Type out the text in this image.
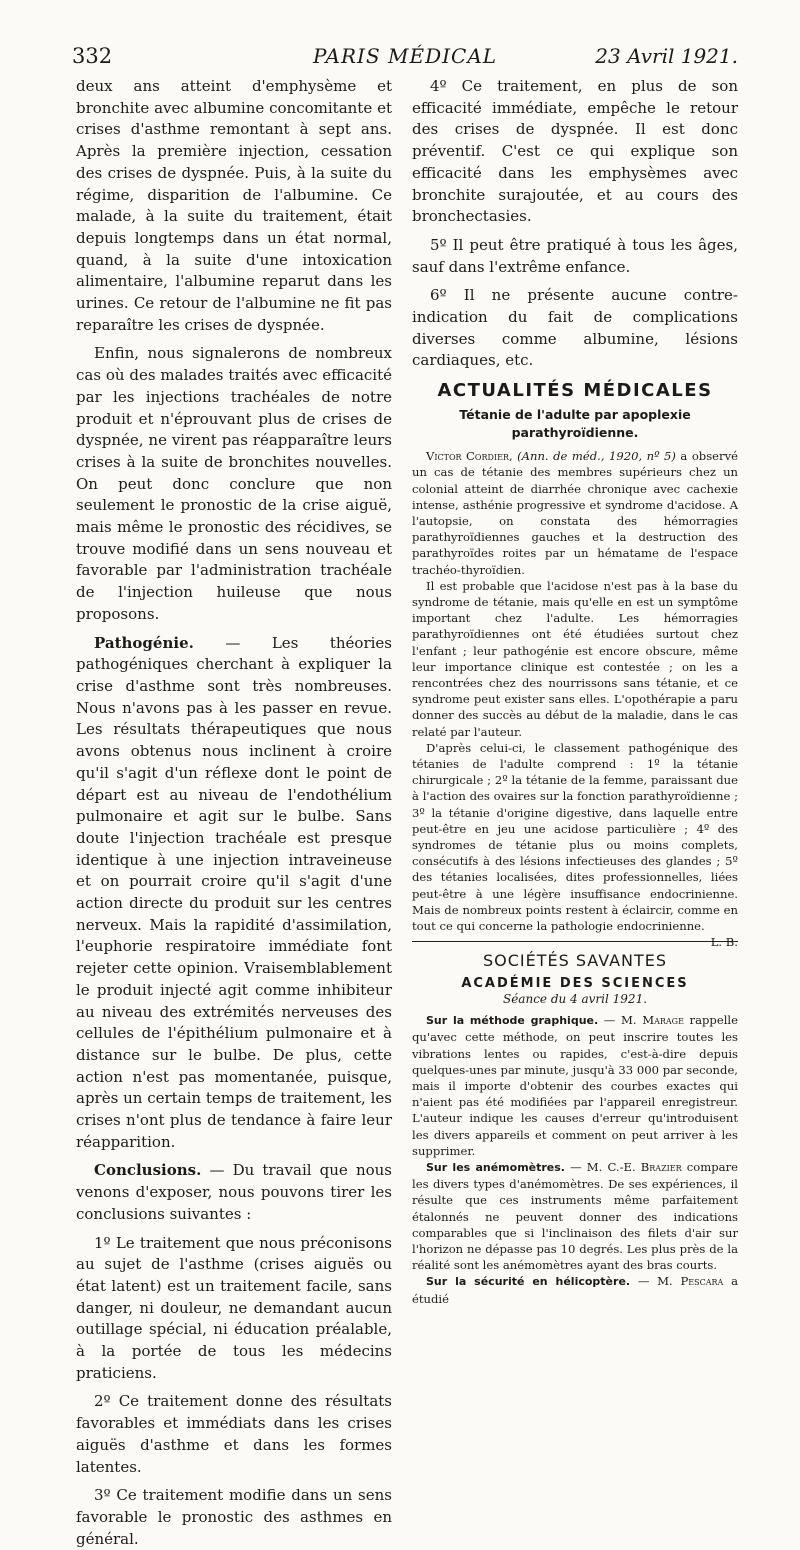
332	PARIS MÉDICAL	23 Avril 1921.

deux ans atteint d'emphysème et bronchite avec albumine concomitante et crises d'asthme remontant à sept ans. Après la première injection, cessation des crises de dyspnée. Puis, à la suite du régime, disparition de l'albumine. Ce malade, à la suite du traitement, était depuis longtemps dans un état normal, quand, à la suite d'une intoxication alimentaire, l'albumine reparut dans les urines. Ce retour de l'albumine ne fit pas reparaître les crises de dyspnée.

Enfin, nous signalerons de nombreux cas où des malades traités avec efficacité par les injections trachéales de notre produit et n'éprouvant plus de crises de dyspnée, ne virent pas réapparaître leurs crises à la suite de bronchites nouvelles. On peut donc conclure que non seulement le pronostic de la crise aiguë, mais même le pronostic des récidives, se trouve modifié dans un sens nouveau et favorable par l'administration trachéale de l'injection huileuse que nous proposons.

Pathogénie. — Les théories pathogéniques cherchant à expliquer la crise d'asthme sont très nombreuses. Nous n'avons pas à les passer en revue. Les résultats thérapeutiques que nous avons obtenus nous inclinent à croire qu'il s'agit d'un réflexe dont le point de départ est au niveau de l'endothélium pulmonaire et agit sur le bulbe. Sans doute l'injection trachéale est presque identique à une injection intraveineuse et on pourrait croire qu'il s'agit d'une action directe du produit sur les centres nerveux. Mais la rapidité d'assimilation, l'euphorie respiratoire immédiate font rejeter cette opinion. Vraisemblablement le produit injecté agit comme inhibiteur au niveau des extrémités nerveuses des cellules de l'épithélium pulmonaire et à distance sur le bulbe. De plus, cette action n'est pas momentanée, puisque, après un certain temps de traitement, les crises n'ont plus de tendance à faire leur réapparition.

Conclusions. — Du travail que nous venons d'exposer, nous pouvons tirer les conclusions suivantes :

1º Le traitement que nous préconisons au sujet de l'asthme (crises aiguës ou état latent) est un traitement facile, sans danger, ni douleur, ne demandant aucun outillage spécial, ni éducation préalable, à la portée de tous les médecins praticiens.

2º Ce traitement donne des résultats favorables et immédiats dans les crises aiguës d'asthme et dans les formes latentes.

3º Ce traitement modifie dans un sens favorable le pronostic des asthmes en général.

4º Ce traitement, en plus de son efficacité immédiate, empêche le retour des crises de dyspnée. Il est donc préventif. C'est ce qui explique son efficacité dans les emphysèmes avec bronchite surajoutée, et au cours des bronchectasies.

5º Il peut être pratiqué à tous les âges, sauf dans l'extrême enfance.

6º Il ne présente aucune contre-indication du fait de complications diverses comme albumine, lésions cardiaques, etc.

ACTUALITÉS MÉDICALES
Tétanie de l'adulte par apoplexie parathyroïdienne.

Victor Cordier, (Ann. de méd., 1920, nº 5) a observé un cas de tétanie des membres supérieurs chez un colonial atteint de diarrhée chronique avec cachexie intense, asthénie progressive et syndrome d'acidose. A l'autopsie, on constata des hémorragies parathyroïdiennes gauches et la destruction des parathyroïdes roites par un hématame de l'espace trachéo-thyroïdien.

Il est probable que l'acidose n'est pas à la base du syndrome de tétanie, mais qu'elle en est un symptôme important chez l'adulte. Les hémorragies parathyroïdiennes ont été étudiées surtout chez l'enfant ; leur pathogénie est encore obscure, même leur importance clinique est contestée ; on les a rencontrées chez des nourrissons sans tétanie, et ce syndrome peut exister sans elles. L'opothérapie a paru donner des succès au début de la maladie, dans le cas relaté par l'auteur.

D'après celui-ci, le classement pathogénique des tétanies de l'adulte comprend : 1º la tétanie chirurgicale ; 2º la tétanie de la femme, paraissant due à l'action des ovaires sur la fonction parathyroïdienne ; 3º la tétanie d'origine digestive, dans laquelle entre peut-être en jeu une acidose particulière ; 4º des syndromes de tétanie plus ou moins complets, consécutifs à des lésions infectieuses des glandes ; 5º des tétanies localisées, dites professionnelles, liées peut-être à une légère insuffisance endocrinienne. Mais de nombreux points restent à éclaircir, comme en tout ce qui concerne la pathologie endocrinienne.
L. B.

SOCIÉTÉS SAVANTES
ACADÉMIE DES SCIENCES
Séance du 4 avril 1921.

Sur la méthode graphique. — M. Marage rappelle qu'avec cette méthode, on peut inscrire toutes les vibrations lentes ou rapides, c'est-à-dire depuis quelques-unes par minute, jusqu'à 33 000 par seconde, mais il importe d'obtenir des courbes exactes qui n'aient pas été modifiées par l'appareil enregistreur. L'auteur indique les causes d'erreur qu'introduisent les divers appareils et comment on peut arriver à les supprimer.

Sur les anémomètres. — M. C.-E. Brazier compare les divers types d'anémomètres. De ses expériences, il résulte que ces instruments même parfaitement étalonnés ne peuvent donner des indications comparables que si l'inclinaison des filets d'air sur l'horizon ne dépasse pas 10 degrés. Les plus près de la réalité sont les anémomètres ayant des bras courts.

Sur la sécurité en hélicoptère. — M. Pescara a étudié
